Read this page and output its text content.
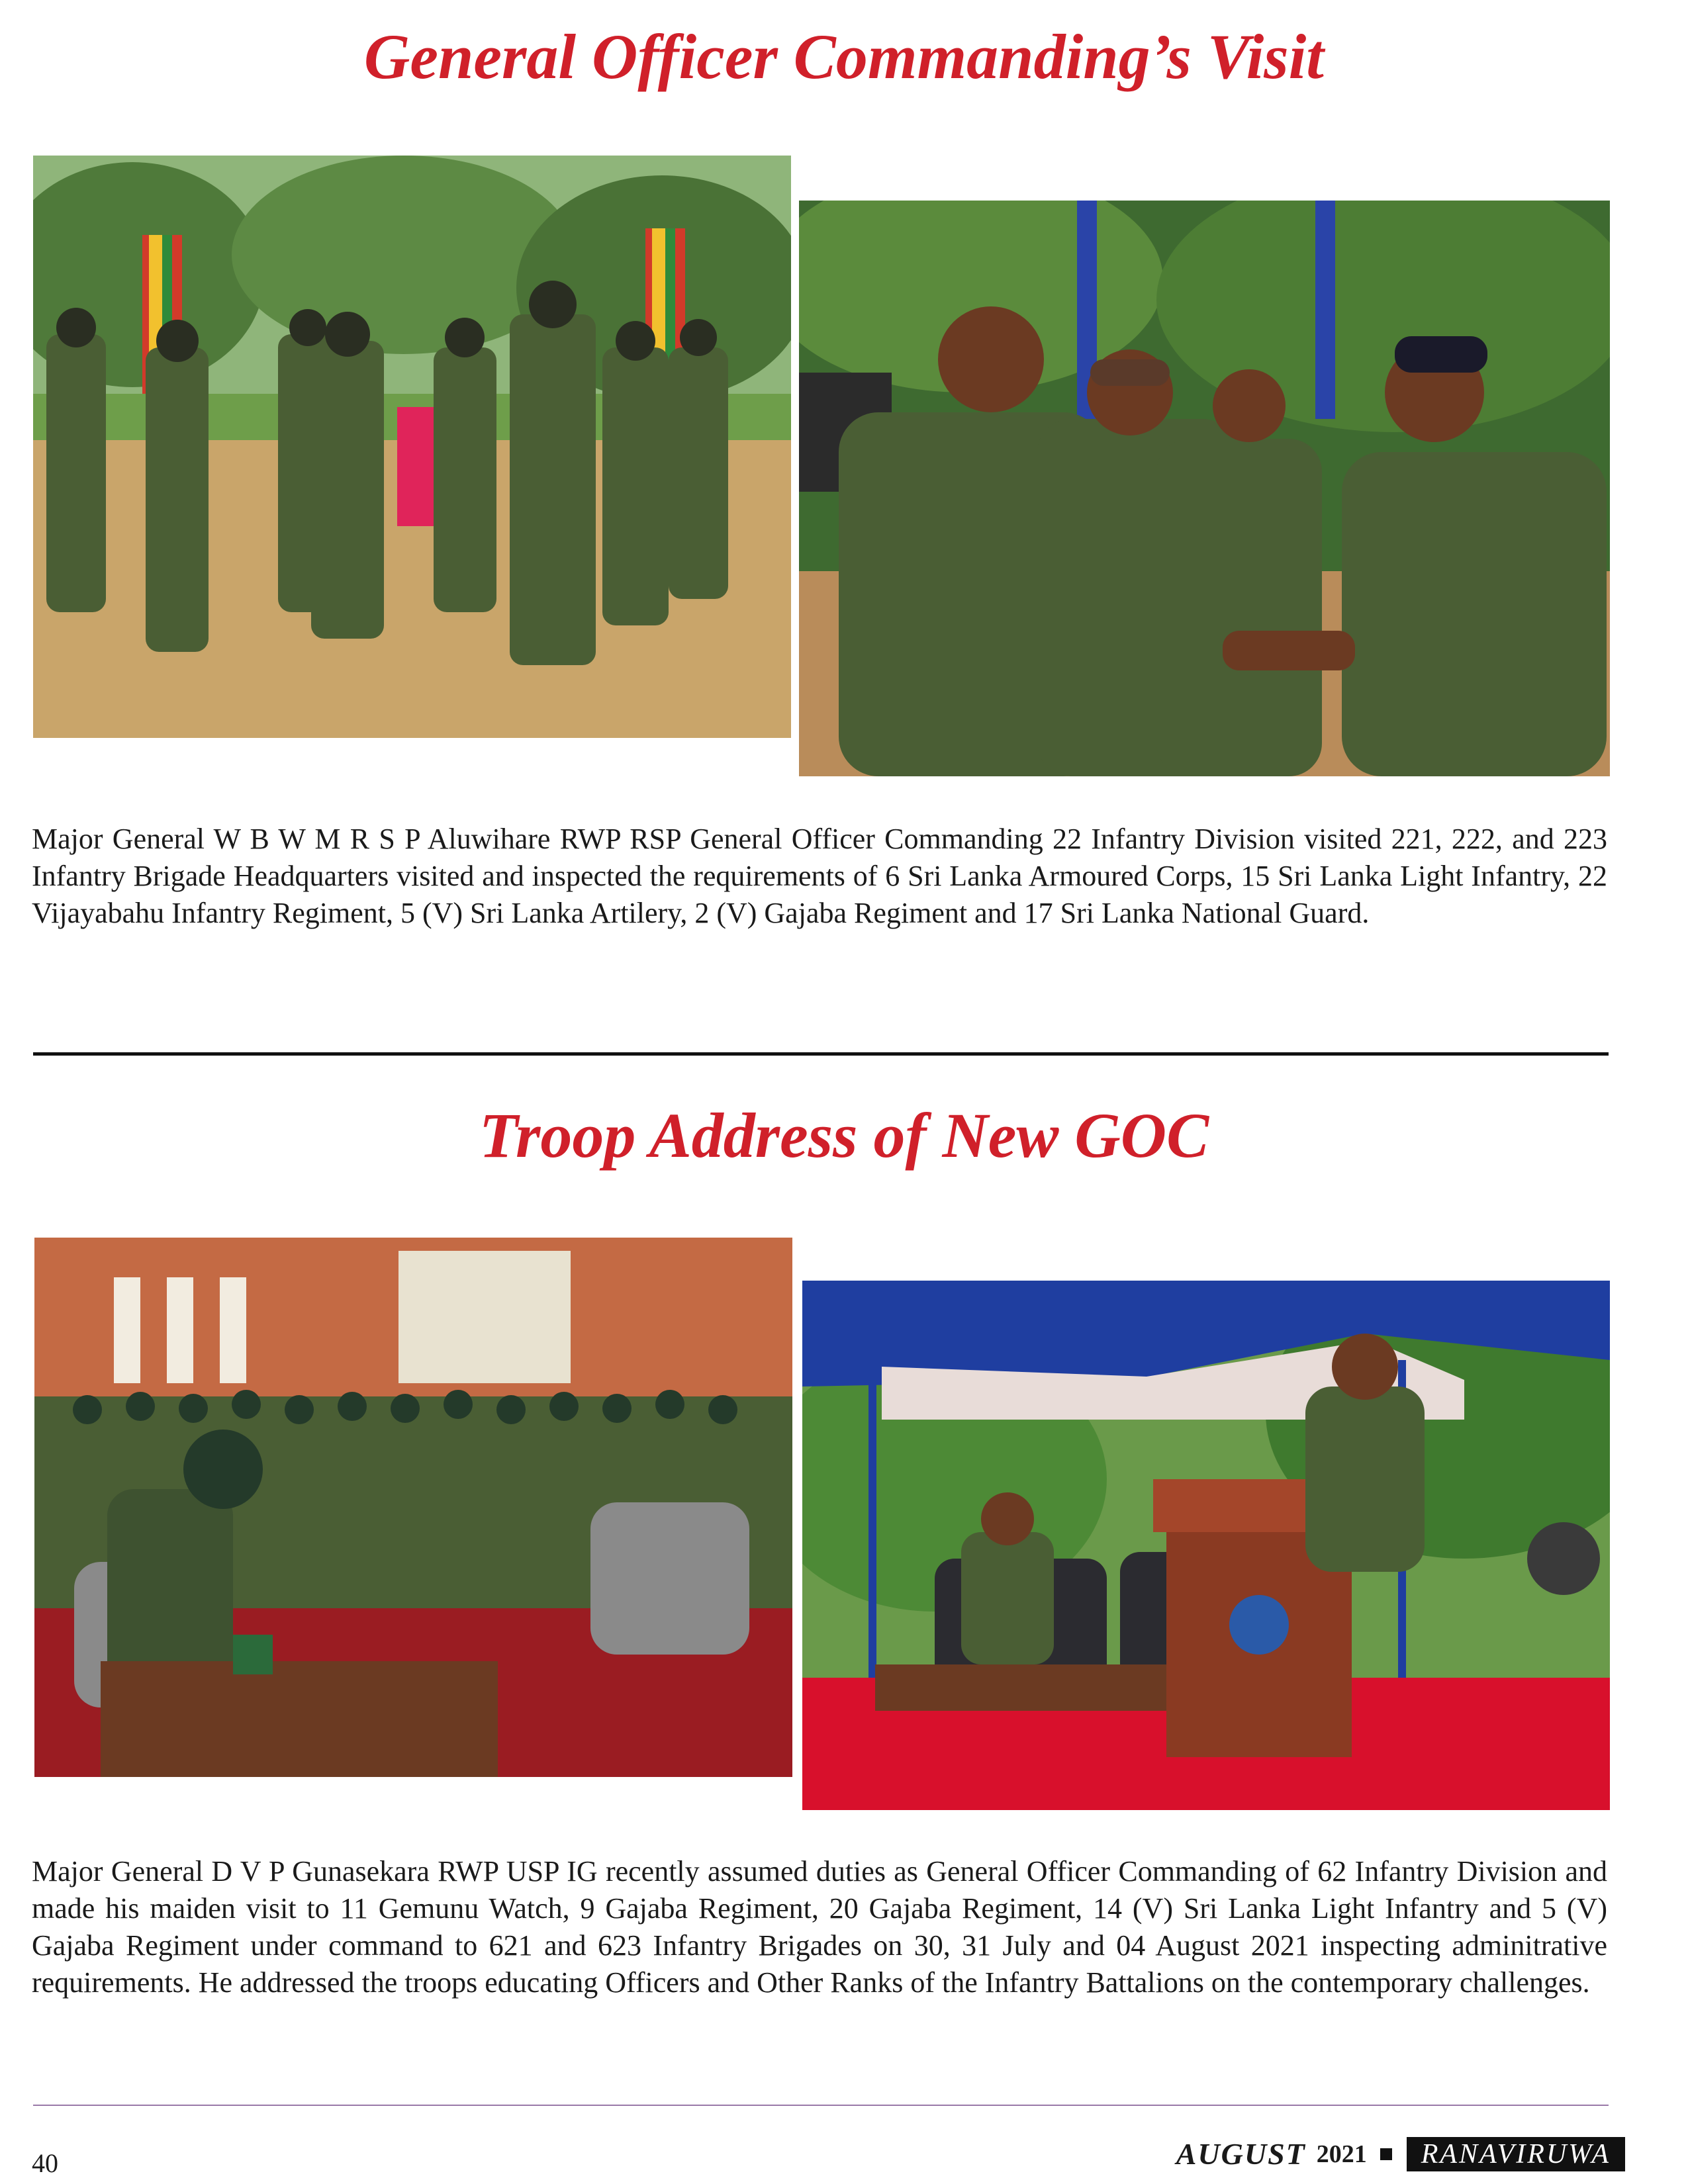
General Officer Commanding’s Visit
Major General W B W M R S P Aluwihare RWP RSP General Officer Commanding 22 Infantry Division visited 221, 222, and 223 Infantry Brigade Headquarters visited and inspected the requirements of 6 Sri Lanka Armoured Corps, 15 Sri Lanka Light Infantry, 22 Vijayabahu Infantry Regiment, 5 (V) Sri Lanka Artilery, 2 (V) Gajaba Regiment and 17 Sri Lanka National Guard.
Troop Address of New GOC
Major General D V P Gunasekara RWP USP IG recently assumed duties as General Officer Commanding of 62 Infantry Division and made his maiden visit to 11 Gemunu Watch, 9 Gajaba Regiment, 20 Gajaba Regiment, 14 (V) Sri Lanka Light Infantry and 5 (V) Gajaba Regiment under command to 621 and 623 Infantry Brigades on 30, 31 July and 04 August 2021 inspecting adminitrative requirements. He addressed the troops educating Officers and Other Ranks of the Infantry Battalions on the contemporary challenges.
40	AUGUST 2021	RANAVIRUWA
